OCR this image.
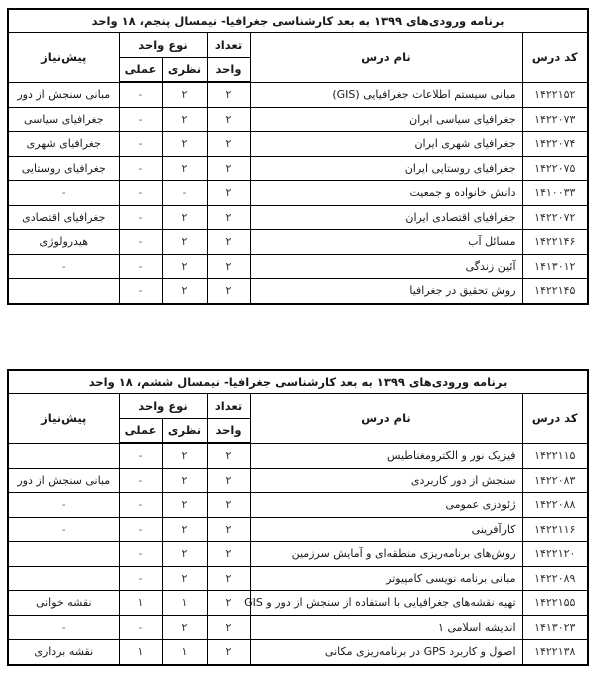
برنامه ورودی‌های ۱۳۹۹ به بعد کارشناسی جغرافیا- نیمسال پنجم، ۱۸ واحد					
کد درس	نام درس	تعداد	نوع واحد		پیش‌نیاز
		واحد	نظری	عملی	
۱۴۲۲۱۵۲	مبانی سیستم اطلاعات جغرافیایی (GIS)	۲	۲	-	مبانی سنجش از دور
۱۴۲۲۰۷۳	جغرافیای سیاسی ایران	۲	۲	-	جغرافیای سیاسی
۱۴۲۲۰۷۴	جغرافیای شهری ایران	۲	۲	-	جغرافیای شهری
۱۴۲۲۰۷۵	جغرافیای روستایی ایران	۲	۲	-	جغرافیای روستایی
۱۴۱۰۰۳۳	دانش خانواده و جمعیت	۲	-	-	-
۱۴۲۲۰۷۲	جغرافیای اقتصادی ایران	۲	۲	-	جغرافیای اقتصادی
۱۴۲۲۱۴۶	مسائل آب	۲	۲	-	هیدرولوژی
۱۴۱۳۰۱۲	آئین زندگی	۲	۲	-	-
۱۴۲۲۱۴۵	روش تحقیق در جغرافیا	۲	۲	-	
برنامه ورودی‌های ۱۳۹۹ به بعد کارشناسی جغرافیا- نیمسال ششم، ۱۸ واحد					
کد درس	نام درس	تعداد	نوع واحد		پیش‌نیاز
		واحد	نظری	عملی	
۱۴۲۲۱۱۵	فیزیک نور و الکترومغناطیس	۲	۲	-	
۱۴۲۲۰۸۳	سنجش از دور کاربردی	۲	۲	-	مبانی سنجش از دور
۱۴۲۲۰۸۸	ژئودزی عمومی	۲	۲	-	-
۱۴۲۲۱۱۶	کارآفرینی	۲	۲	-	-
۱۴۲۲۱۲۰	روش‌های برنامه‌ریزی منطقه‌ای و آمایش سرزمین	۲	۲	-	
۱۴۲۲۰۸۹	مبانی برنامه نویسی کامپیوتر	۲	۲	-	
۱۴۲۲۱۵۵	تهیه نقشه‌های جغرافیایی با استفاده از سنجش از دور و GIS	۲	۱	۱	نقشه خوانی
۱۴۱۳۰۲۳	اندیشه اسلامی ۱	۲	۲	-	-
۱۴۲۲۱۳۸	اصول و کاربرد GPS در برنامه‌ریزی مکانی	۲	۱	۱	نقشه برداری
